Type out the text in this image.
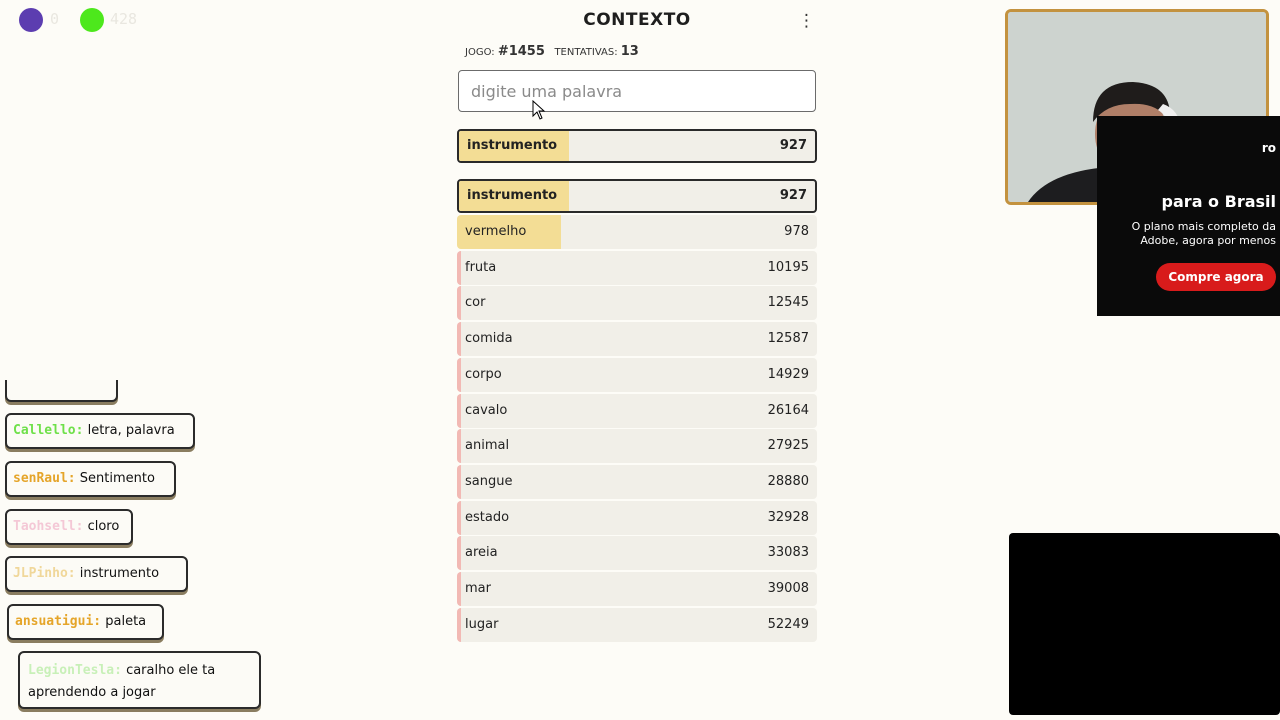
0	428	CONTEXTO	⋮
JOGO: #1455 TENTATIVAS: 13
digite uma palavra
instrumento	927
instrumento	927
vermelho	978
fruta	10195
cor	12545
comida	12587
corpo	14929
cavalo	26164
animal	27925
sangue	28880
estado	32928
areia	33083
mar	39008
lugar	52249
Callello: letra, palavra
senRaul: Sentimento
Taohsell: cloro
JLPinho: instrumento
ansuatigui: paleta
LegionTesla: caralho ele ta aprendendo a jogar
ro
para o Brasil
O plano mais completo da Adobe, agora por menos
Compre agora
